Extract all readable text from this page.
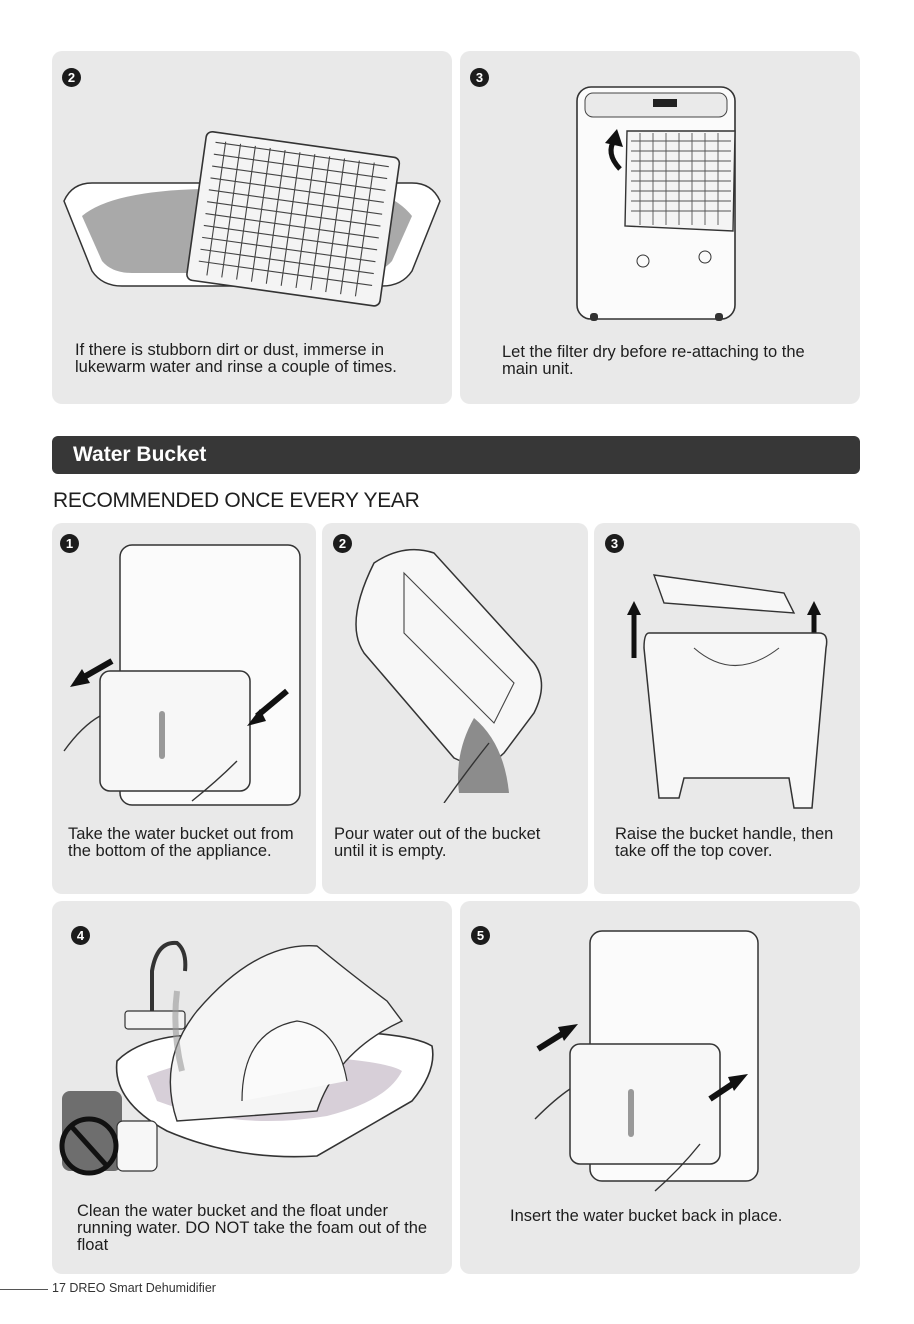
2
If there is stubborn dirt or dust, immerse in lukewarm water and rinse a couple of times.
3
Let the filter dry before re-attaching to the main unit.
Water Bucket
RECOMMENDED ONCE EVERY YEAR
1
Take the water bucket out from the bottom of the appliance.
2
Pour water out of the bucket until it is empty.
3
Raise the bucket handle, then take off the top cover.
4
Clean the water bucket and the float under running water. DO NOT take the foam out of the float
5
Insert the water bucket back in place.
17 DREO Smart Dehumidifier
